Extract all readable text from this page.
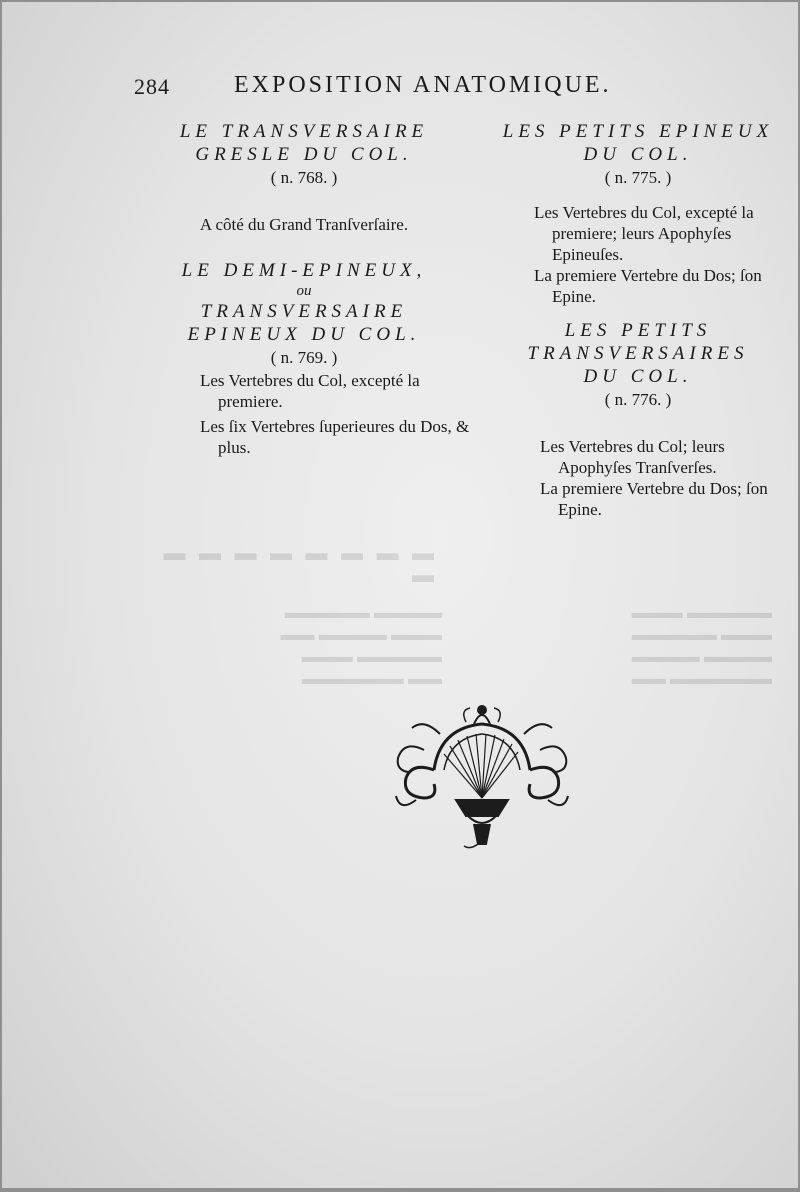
▬ ▬ ▬ ▬ ▬ ▬ ▬ ▬ ▬
▬▬▬▬ ▬▬▬▬▬
▬▬▬ ▬▬▬▬ ▬▬
▬▬▬▬▬ ▬▬▬
▬▬ ▬▬▬▬▬▬
▬▬▬▬▬ ▬▬▬
▬▬▬ ▬▬▬▬▬
▬▬▬▬ ▬▬▬▬
▬▬▬▬▬▬ ▬▬
284	EXPOSITION ANATOMIQUE.
LE TRANSVERSAIRE
GRESLE DU COL.
( n. 768. )
A côté du Grand Tranſverſaire.
LE DEMI-EPINEUX,
ou
TRANSVERSAIRE
EPINEUX DU COL.
( n. 769. )
Les Vertebres du Col, excepté la premiere.
Les ſix Vertebres ſuperieures du Dos, & plus.
LES PETITS EPINEUX
DU COL.
( n. 775. )
Les Vertebres du Col, excepté la premiere; leurs Apophyſes Epineuſes.
La premiere Vertebre du Dos; ſon Epine.
LES PETITS
TRANSVERSAIRES
DU COL.
( n. 776. )
Les Vertebres du Col; leurs Apophyſes Tranſverſes.
La premiere Vertebre du Dos; ſon Epine.
